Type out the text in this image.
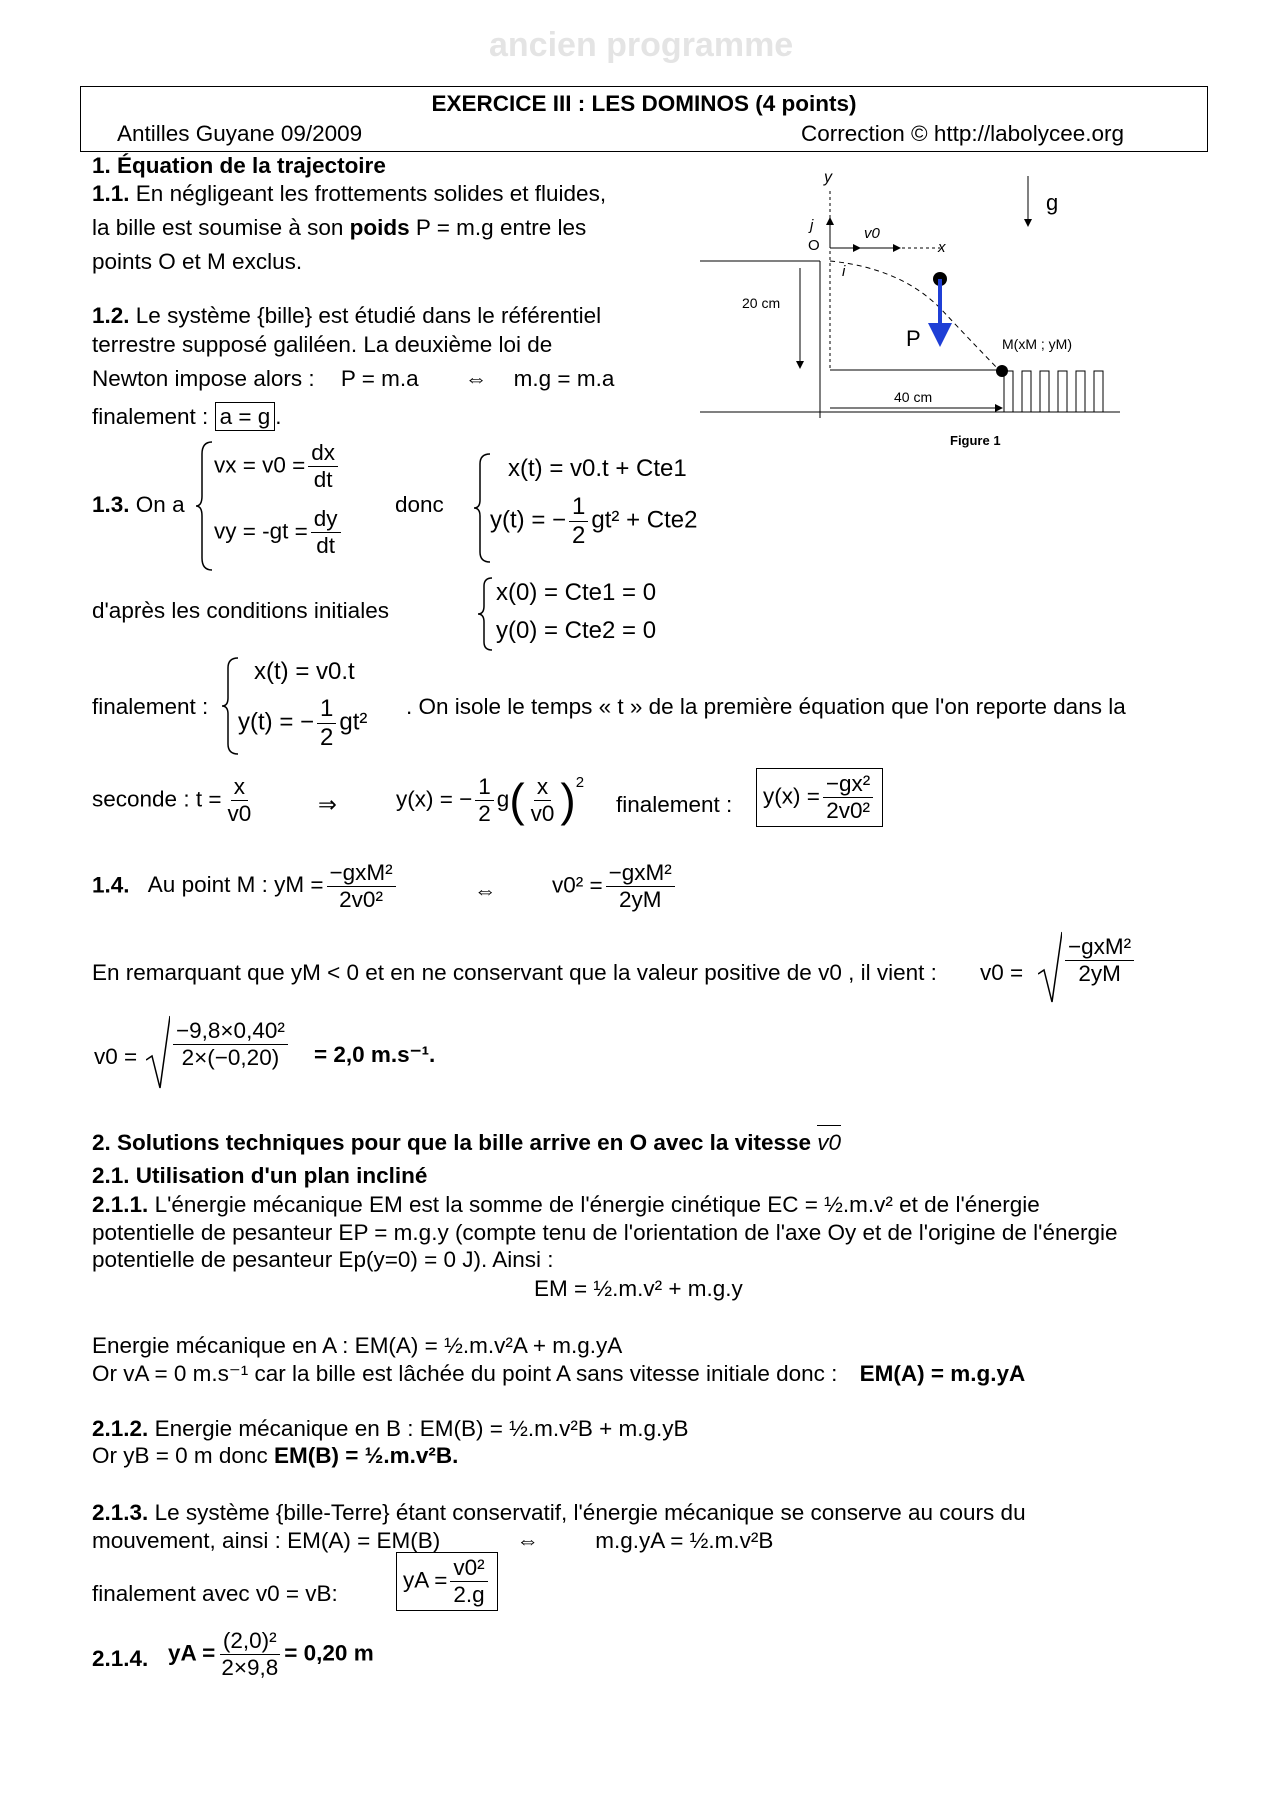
ancien programme
EXERCICE III : LES DOMINOS (4 points)
Antilles Guyane 09/2009	Correction © http://labolycee.org
1. Équation de la trajectoire
1.1. En négligeant les frottements solides et fluides,
la bille est soumise à son poids P = m.g entre les
points O et M exclus.
1.2. Le système {bille} est étudié dans le référentiel
terrestre supposé galiléen. La deuxième loi de
Newton impose alors : P = m.a ⇔ m.g = m.a
finalement : a = g .
1.3. On a
vx = $v0 = \frac{dx}{dt}$
vy = $-gt = \frac{dy}{dt}$
donc
x(t) = v0.t + Cte1
y(t) = − $\frac{1}{2} gt^2 + Cte2$
d'après les conditions initiales
x(0) = Cte1 = 0
y(0) = Cte2 = 0
finalement :
x(t) = v0.t
y(t) = − $\frac{1}{2} gt^2$
. On isole le temps « t » de la première équation que l'on reporte dans la
seconde : $t = \frac{x}{v0}$	⇒	y(x) = − $\frac{1}{2} g( \frac{x}{v0} )^2$
finalement :	$y(x) = \frac{\text{−gx²}}{\text{2v0²}}$
1.4. Au point M : yM = $\frac{\text{−gxM²}}{\text{2v0²}}$	⇔ $v0^2 = \frac{\text{−gxM²}}{2yM}$
En remarquant que yM < 0 et en ne conservant que la valeur positive de v0 , il vient : $v0 = \frac{\text{−gxM²}}{2yM}$
$v0 = \frac{\text{−9,8×0,40²}}{2\times(-0,20)} = 2,0$ m.s⁻¹.
2. Solutions techniques pour que la bille arrive en O avec la vitesse v0
2.1. Utilisation d'un plan incliné
2.1.1. L'énergie mécanique EM est la somme de l'énergie cinétique EC = ½.m.v² et de l'énergie
potentielle de pesanteur EP = m.g.y (compte tenu de l'orientation de l'axe Oy et de l'origine de l'énergie
potentielle de pesanteur Ep(y=0) = 0 J). Ainsi :
EM = ½.m.v² + m.g.y
Energie mécanique en A : EM(A) = ½.m.v²A + m.g.yA
Or vA = 0 m.s⁻¹ car la bille est lâchée du point A sans vitesse initiale donc : EM(A) = m.g.yA
2.1.2. Energie mécanique en B : EM(B) = ½.m.v²B + m.g.yB
Or yB = 0 m donc EM(B) = ½.m.v²B.
2.1.3. Le système {bille-Terre} étant conservatif, l'énergie mécanique se conserve au cours du
mouvement, ainsi : EM(A) = EM(B)	⇔	m.g.yA = ½.m.v²B
finalement avec v0 = vB:
yA = $\frac{\text{v0²}}{2.g}$
2.1.4. yA = $\frac{\text{(2,0)²}}{2\times 9,8} = 0,20$ m
y
x
j
i
O
v0
20 cm
P	M(xM ; yM)
40 cm
g
Figure 1
